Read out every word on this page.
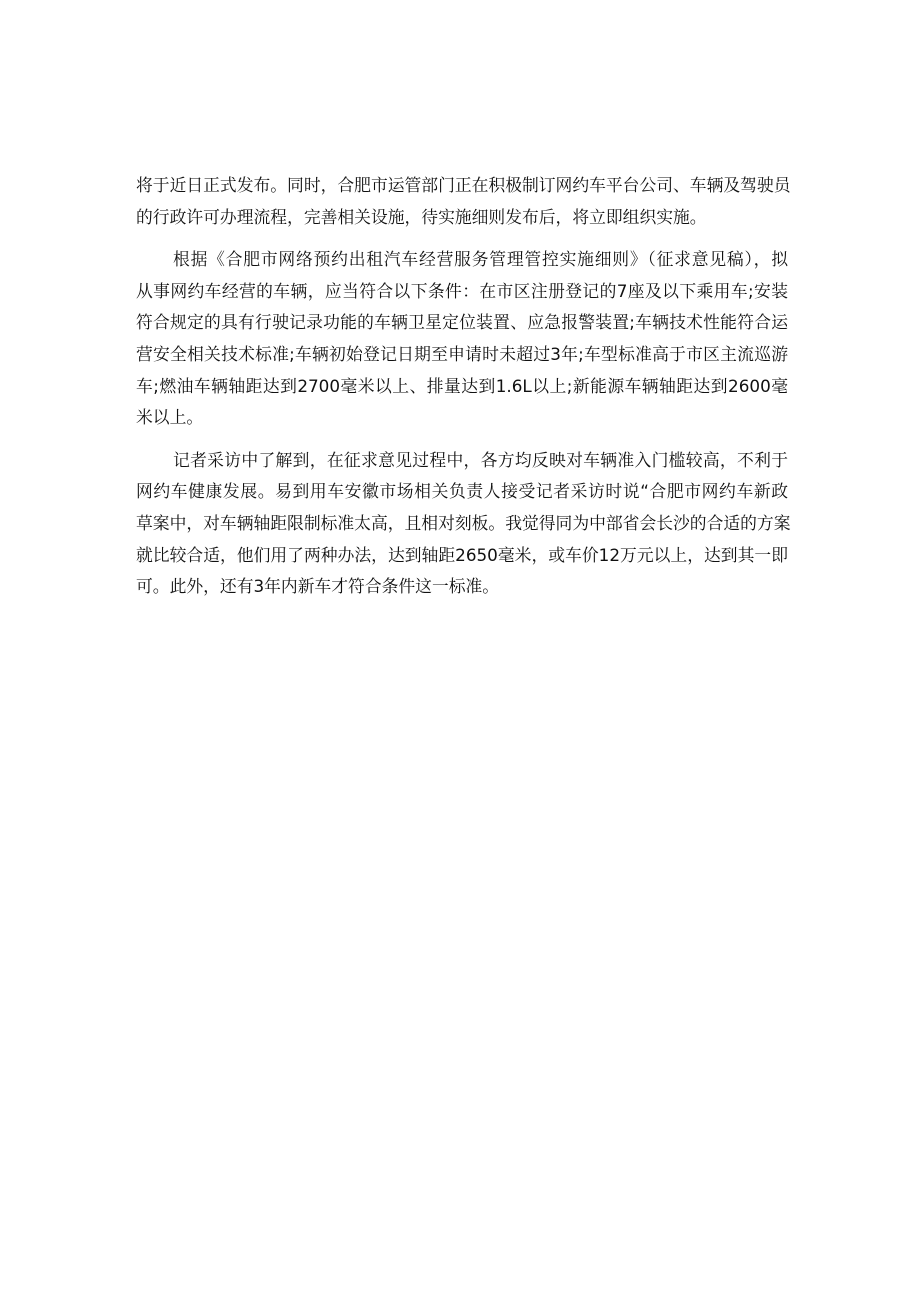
将于近日正式发布。同时，合肥市运管部门正在积极制订网约车平台公司、车辆及驾驶员
的行政许可办理流程，完善相关设施，待实施细则发布后，将立即组织实施。
根据《合肥市网络预约出租汽车经营服务管理管控实施细则》（征求意见稿），拟
从事网约车经营的车辆，应当符合以下条件：在市区注册登记的7座及以下乘用车;安装
符合规定的具有行驶记录功能的车辆卫星定位装置、应急报警装置;车辆技术性能符合运
营安全相关技术标准;车辆初始登记日期至申请时未超过3年;车型标准高于市区主流巡游
车;燃油车辆轴距达到2700毫米以上、排量达到1.6L以上;新能源车辆轴距达到2600毫
米以上。
记者采访中了解到，在征求意见过程中，各方均反映对车辆准入门槛较高，不利于
网约车健康发展。易到用车安徽市场相关负责人接受记者采访时说“合肥市网约车新政
草案中，对车辆轴距限制标准太高，且相对刻板。我觉得同为中部省会长沙的合适的方案
就比较合适，他们用了两种办法，达到轴距2650毫米，或车价12万元以上，达到其一即
可。此外，还有3年内新车才符合条件这一标准。
